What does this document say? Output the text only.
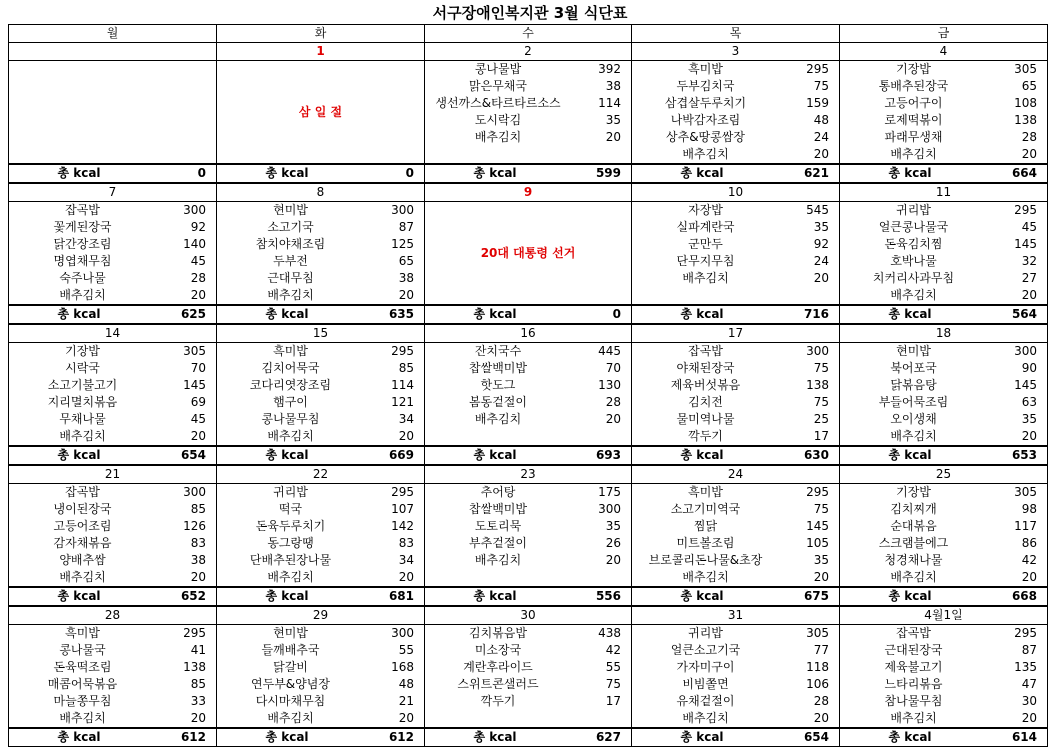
서구장애인복지관 3월 식단표
월	화	수	목	금
	1	2	3	4
	삼 일 절	콩나물밥 392	흑미밥 295	기장밥 305

		맑은무채국 38	두부김치국 75	통배추된장국 65

		생선까스&타르타르소스 114	삼겹살두루치기 159	고등어구이 108

		도시락김 35	나박감자조림 48	로제떡볶이 138

		배추김치 20	상추&땅콩쌈장 24	파래무생채 28

			배추김치 20	배추김치 20

총 kcal 0	총 kcal 0	총 kcal 599	총 kcal 621	총 kcal 664

7	8	9	10	11

잡곡밥 300	현미밥 300	20대 대통령 선거	자장밥 545	귀리밥 295

꽃게된장국 92	소고기국 87		실파계란국 35	얼큰콩나물국 45

닭간장조림 140	참치야채조림 125		군만두 92	돈육김치찜 145

명엽채무침 45	두부전 65		단무지무침 24	호박나물 32

숙주나물 28	근대무침 38		배추김치 20	치커리사과무침 27

배추김치 20	배추김치 20			배추김치 20

총 kcal 625	총 kcal 635	총 kcal 0	총 kcal 716	총 kcal 564

14	15	16	17	18

기장밥 305	흑미밥 295	잔치국수 445	잡곡밥 300	현미밥 300

시락국 70	김치어묵국 85	찹쌀백미밥 70	야채된장국 75	북어포국 90

소고기불고기 145	코다리엿장조림 114	핫도그 130	제육버섯볶음 138	닭볶음탕 145

지리멸치볶음 69	햄구이 121	봄동겉절이 28	김치전 75	부들어묵조림 63

무채나물 45	콩나물무침 34	배추김치 20	물미역나물 25	오이생채 35

배추김치 20	배추김치 20		깍두기 17	배추김치 20

총 kcal 654	총 kcal 669	총 kcal 693	총 kcal 630	총 kcal 653

21	22	23	24	25

잡곡밥 300	귀리밥 295	추어탕 175	흑미밥 295	기장밥 305

냉이된장국 85	떡국 107	찹쌀백미밥 300	소고기미역국 75	김치찌개 98

고등어조림 126	돈육두루치기 142	도토리묵 35	찜닭 145	순대볶음 117

감자채볶음 83	동그랑땡 83	부추겉절이 26	미트볼조림 105	스크램블에그 86

양배추쌈 38	단배추된장나물 34	배추김치 20	브로콜리돈나물&초장 35	청경채나물 42

배추김치 20	배추김치 20		배추김치 20	배추김치 20

총 kcal 652	총 kcal 681	총 kcal 556	총 kcal 675	총 kcal 668

28	29	30	31	4월1일

흑미밥 295	현미밥 300	김치볶음밥 438	귀리밥 305	잡곡밥 295

콩나물국 41	들깨배추국 55	미소장국 42	얼큰소고기국 77	근대된장국 87

돈육떡조림 138	닭갈비 168	계란후라이드 55	가자미구이 118	제육불고기 135

매콤어묵볶음 85	연두부&양념장 48	스위트콘샐러드 75	비빔쫄면 106	느타리볶음 47

마늘쫑무침 33	다시마채무침 21	깍두기 17	유채겉절이 28	참나물무침 30

배추김치 20	배추김치 20		배추김치 20	배추김치 20

총 kcal 612	총 kcal 612	총 kcal 627	총 kcal 654	총 kcal 614
